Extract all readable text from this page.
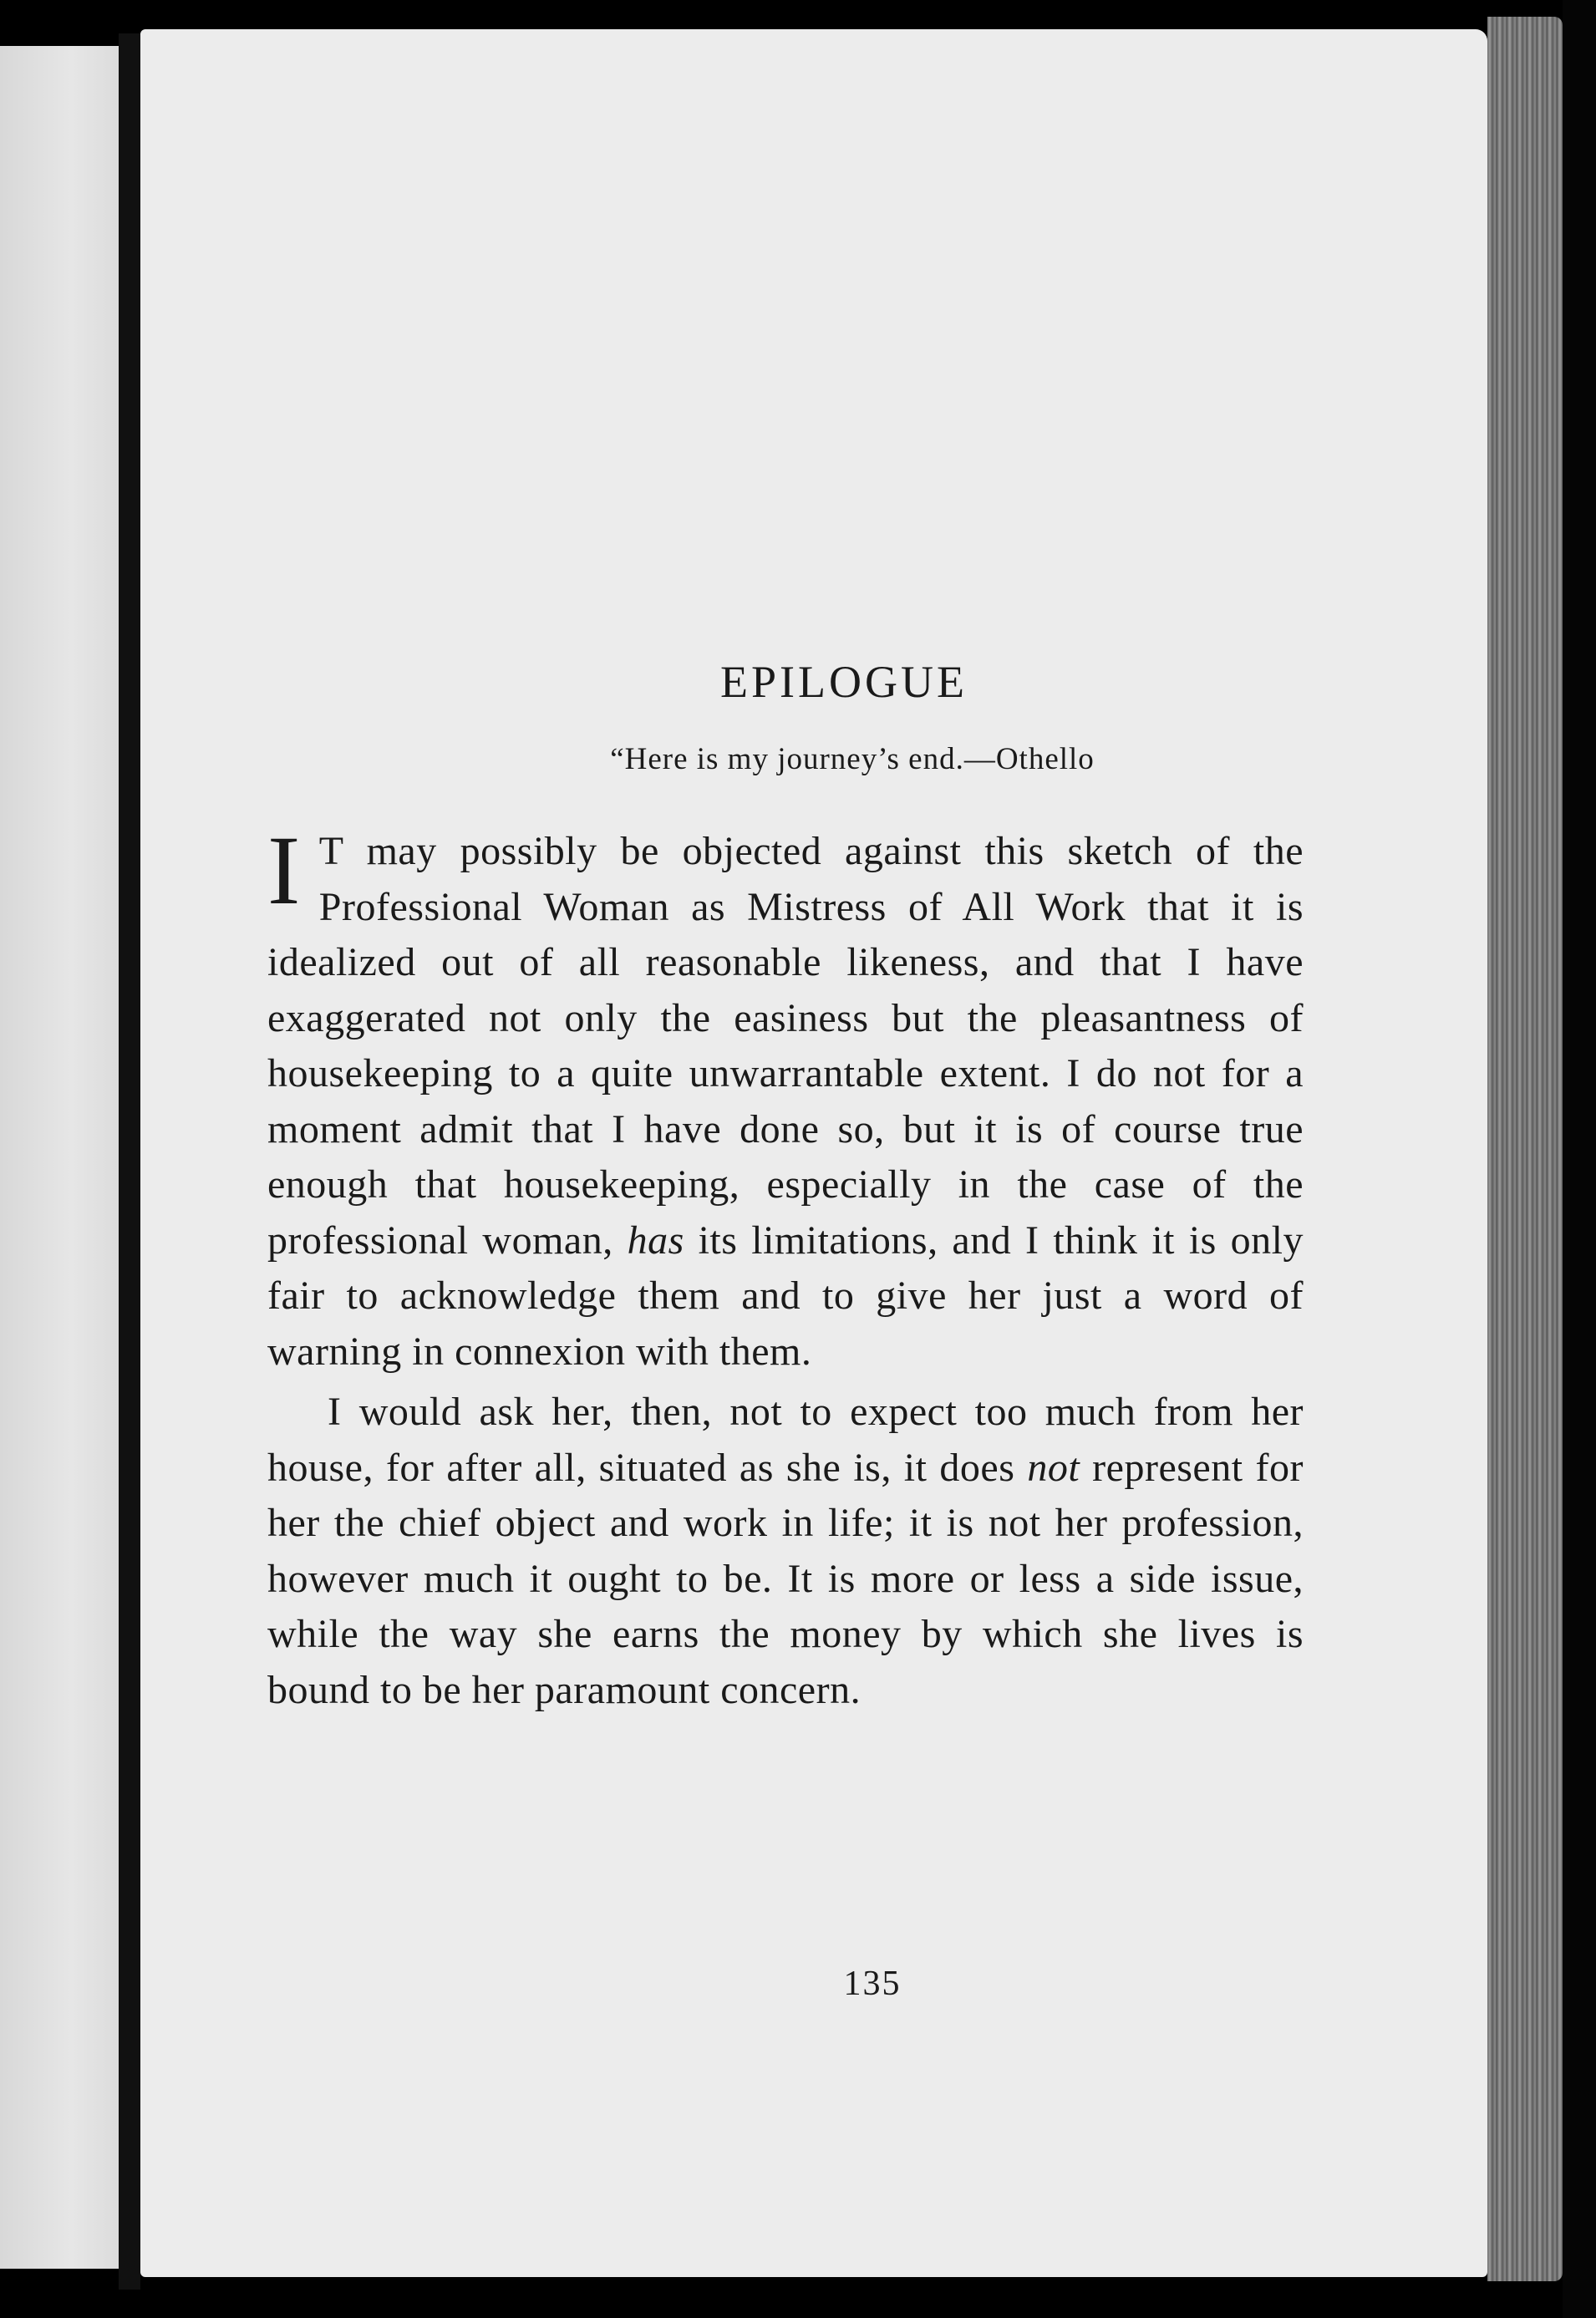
EPILOGUE
“Here is my journey’s end.—Othello

I T may possibly be objected against this sketch of the Professional Woman as Mistress of All Work that it is idealized out of all reasonable likeness, and that I have exaggerated not only the easiness but the pleasantness of housekeeping to a quite unwarrantable extent. I do not for a moment admit that I have done so, but it is of course true enough that housekeeping, especially in the case of the professional woman, has its limitations, and I think it is only fair to acknowledge them and to give her just a word of warning in connexion with them.

I would ask her, then, not to expect too much from her house, for after all, situated as she is, it does not represent for her the chief object and work in life; it is not her profession, however much it ought to be. It is more or less a side issue, while the way she earns the money by which she lives is bound to be her paramount concern.

135
